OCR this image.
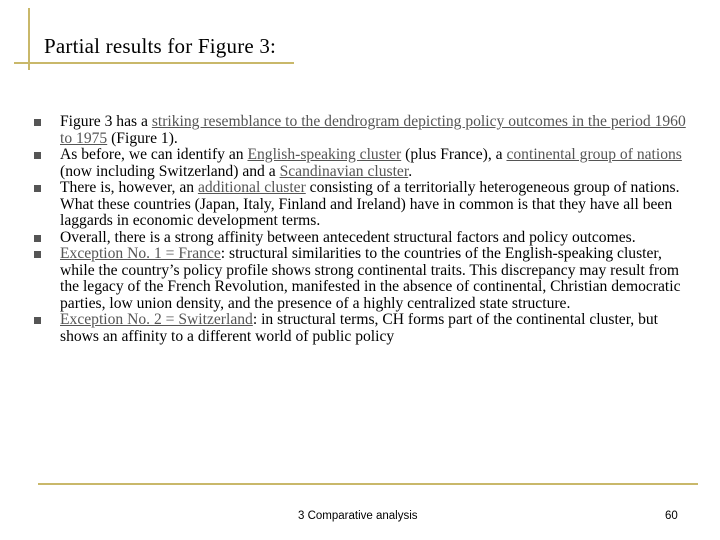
Partial results for Figure 3:
Figure 3 has a striking resemblance to the dendrogram depicting policy outcomes in the period 1960 to 1975 (Figure 1).
As before, we can identify an English-speaking cluster (plus France), a continental group of nations (now including Switzerland) and a Scandinavian cluster.
There is, however, an additional cluster consisting of a territorially heterogeneous group of nations. What these countries (Japan, Italy, Finland and Ireland) have in common is that they have all been laggards in economic development terms.
Overall, there is a strong affinity between antecedent structural factors and policy outcomes.
Exception No. 1 = France: structural similarities to the countries of the English-speaking cluster, while the country’s policy profile shows strong continental traits. This discrepancy may result from the legacy of the French Revolution, manifested in the absence of continental, Christian democratic parties, low union density, and the presence of a highly centralized state structure.
Exception No. 2 = Switzerland: in structural terms, CH forms part of the continental cluster, but shows an affinity to a different world of public policy
3 Comparative analysis	60
